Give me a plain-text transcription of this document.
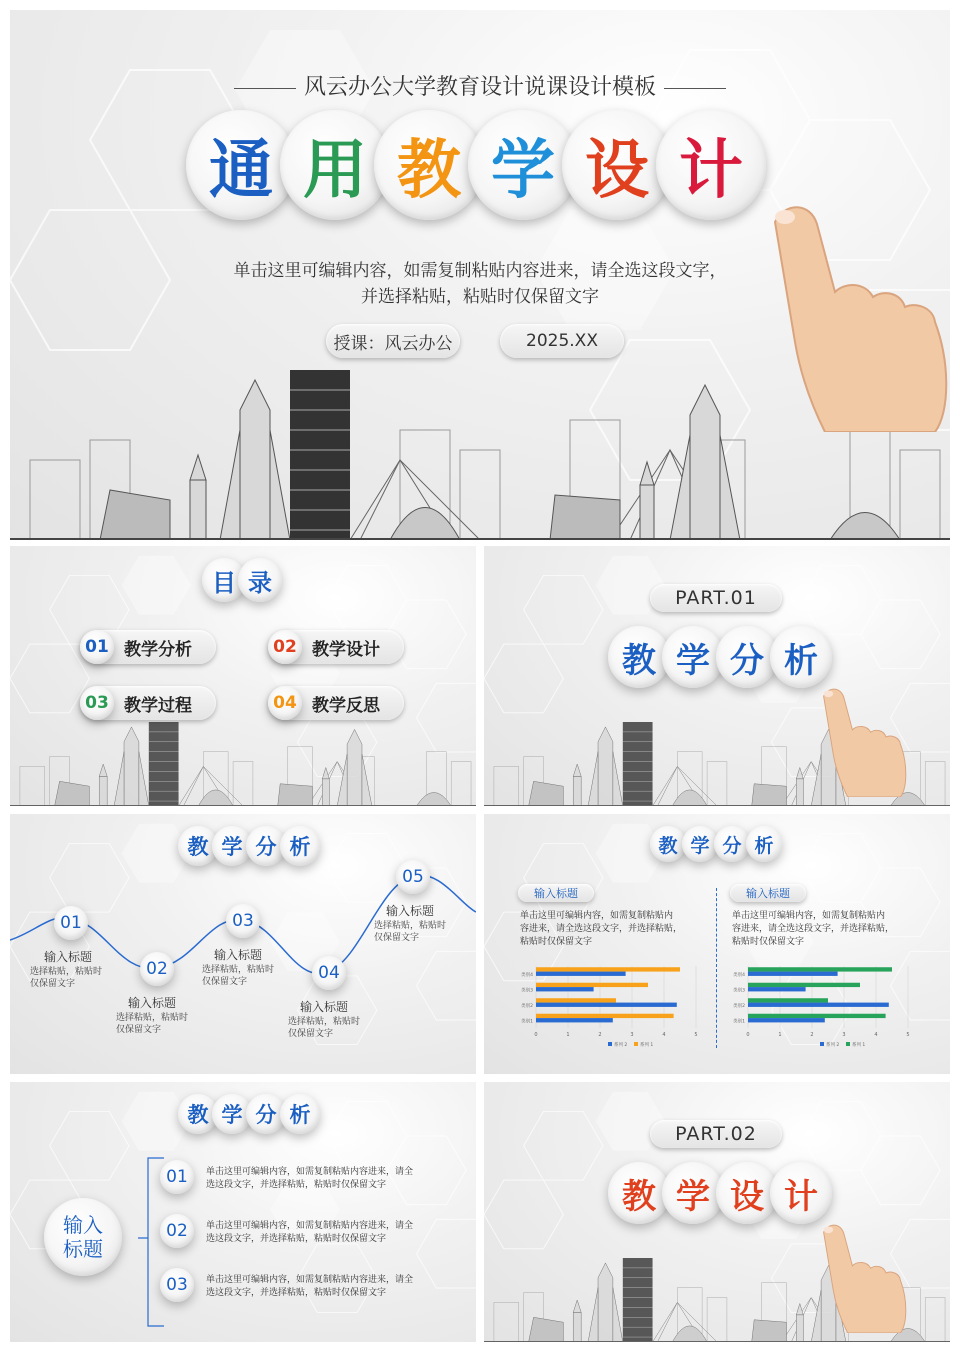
风云办公大学教育设计说课设计模板
通 用 教 学 设 计
单击这里可编辑内容，如需复制粘贴内容进来，请全选这段文字，
并选择粘贴，粘贴时仅保留文字
授课：风云办公	2025.XX
目 录
01 教学分析	02 教学设计
03 教学过程	04 教学反思
PART.01
教 学 分 析
教 学 分 析
01
输入标题
选择粘贴，粘贴时
仅保留文字
02
输入标题
选择粘贴，粘贴时
仅保留文字
03
输入标题
选择粘贴，粘贴时
仅保留文字	04
输入标题
选择粘贴，粘贴时
仅保留文字
05
输入标题
选择粘贴，粘贴时
仅保留文字
教 学 分 析
输入标题
单击这里可编辑内容，如需复制粘贴内
容进来，请全选这段文字，并选择粘贴，
粘贴时仅保留文字
输入标题
单击这里可编辑内容，如需复制粘贴内
容进来，请全选这段文字，并选择粘贴，
粘贴时仅保留文字
0	1	2	3	4	5
类别1
类别2
类别3
类别4
系列 2	系列 1
0	1	2	3	4	5
类别1
类别2
类别3
类别4
系列 2	系列 1
教 学 分 析
输入
标题
01	单击这里可编辑内容，如需复制粘贴内容进来，请全
选这段文字，并选择粘贴，粘贴时仅保留文字
02	单击这里可编辑内容，如需复制粘贴内容进来，请全
选这段文字，并选择粘贴，粘贴时仅保留文字
03	单击这里可编辑内容，如需复制粘贴内容进来，请全
选这段文字，并选择粘贴，粘贴时仅保留文字
PART.02
教 学 设 计
